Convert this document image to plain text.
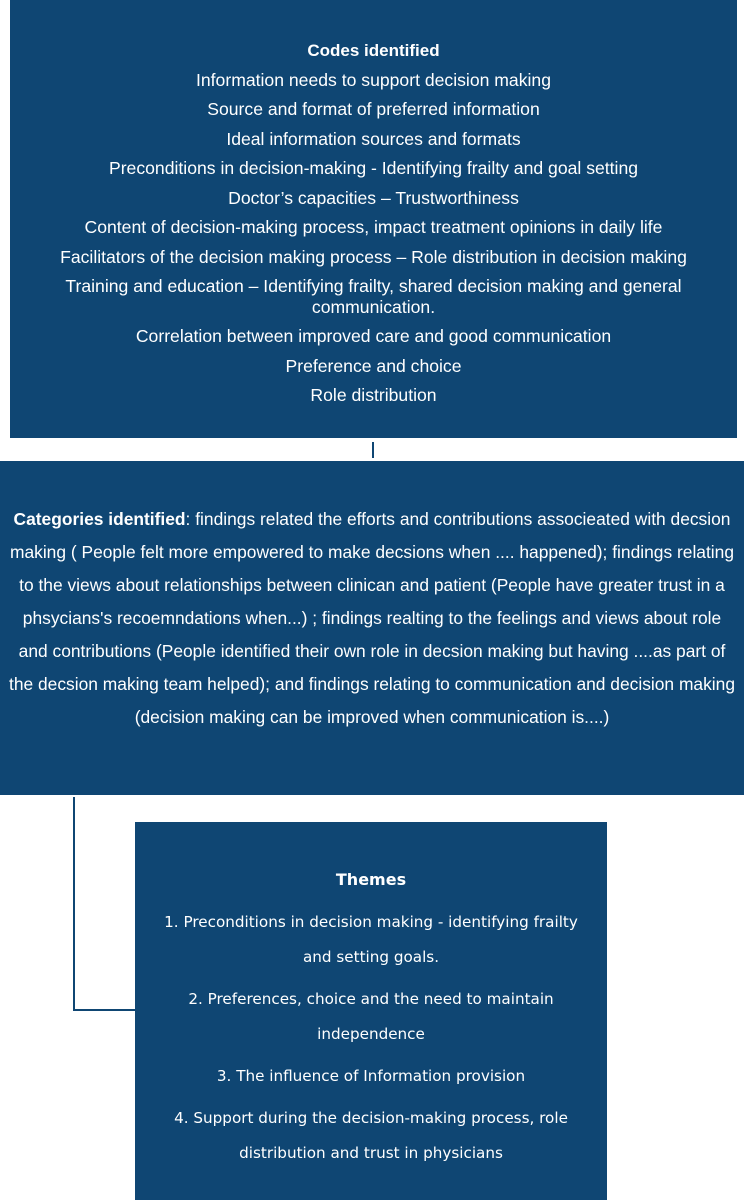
Codes identified
Information needs to support decision making
Source and format of preferred information
Ideal information sources and formats
Preconditions in decision-making - Identifying frailty and goal setting
Doctor’s capacities – Trustworthiness
Content of decision-making process, impact treatment opinions in daily life
Facilitators of the decision making process – Role distribution in decision making
Training and education – Identifying frailty, shared decision making and general communication.
Correlation between improved care and good communication
Preference and choice
Role distribution
Categories identified: findings related the efforts and contributions associeated with decsion making ( People felt more empowered to make decsions when .... happened); findings relating to the views about relationships between clinican and patient (People have greater trust in a phsycians's recoemndations when...) ; findings realting to the feelings and views about role and contributions (People identified their own role in decsion making but having ....as part of the decsion making team helped); and findings relating to communication and decision making (decision making can be improved when communication is....)
Themes
1. Preconditions in decision making - identifying frailty and setting goals.
2. Preferences, choice and the need to maintain independence
3. The influence of Information provision
4. Support during the decision-making process, role distribution and trust in physicians
